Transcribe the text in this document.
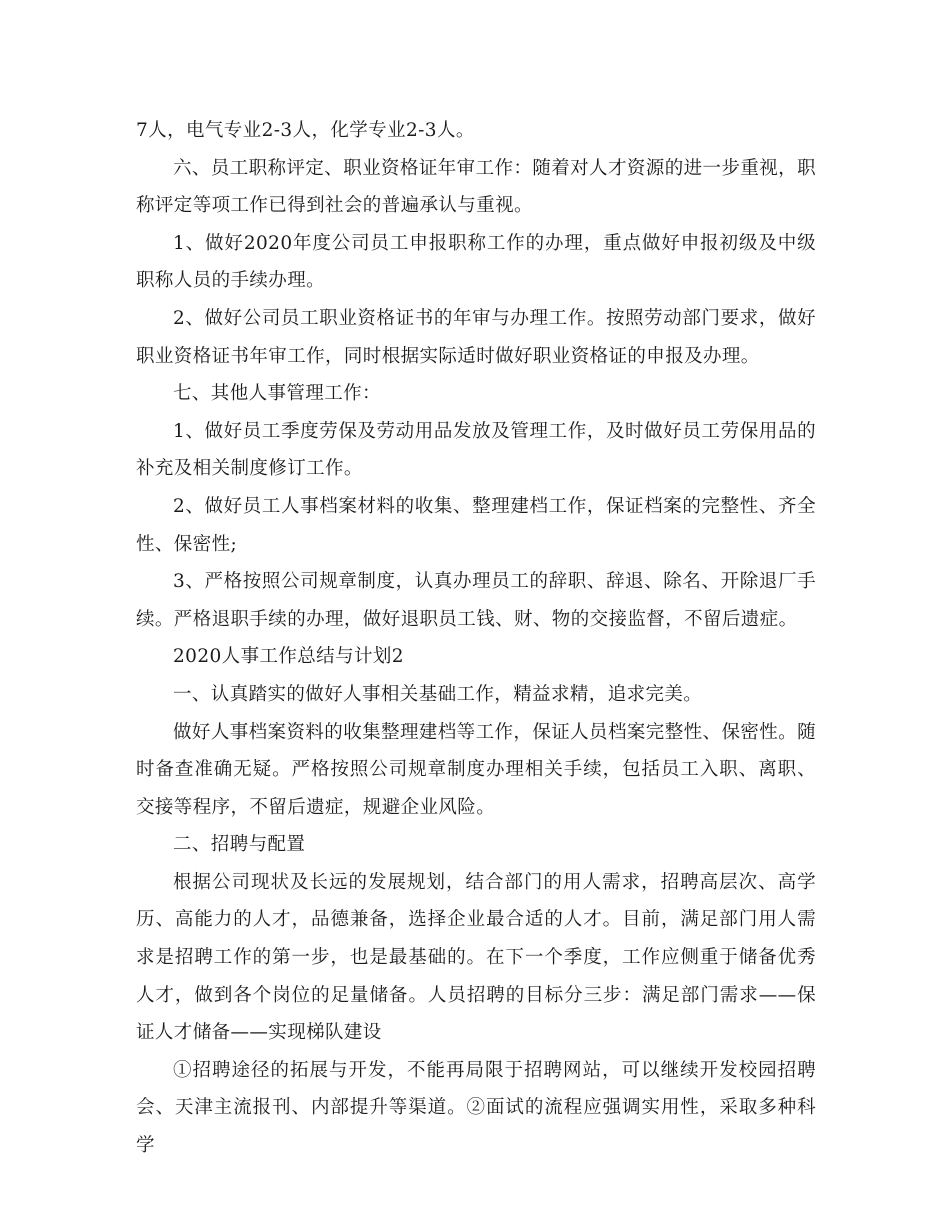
7人，电气专业2-3人，化学专业2-3人。

六、员工职称评定、职业资格证年审工作：随着对人才资源的进一步重视，职称评定等项工作已得到社会的普遍承认与重视。

1、做好2020年度公司员工申报职称工作的办理，重点做好申报初级及中级职称人员的手续办理。

2、做好公司员工职业资格证书的年审与办理工作。按照劳动部门要求，做好职业资格证书年审工作，同时根据实际适时做好职业资格证的申报及办理。

七、其他人事管理工作：

1、做好员工季度劳保及劳动用品发放及管理工作，及时做好员工劳保用品的补充及相关制度修订工作。

2、做好员工人事档案材料的收集、整理建档工作，保证档案的完整性、齐全性、保密性;

3、严格按照公司规章制度，认真办理员工的辞职、辞退、除名、开除退厂手续。严格退职手续的办理，做好退职员工钱、财、物的交接监督，不留后遗症。

2020人事工作总结与计划2

一、认真踏实的做好人事相关基础工作，精益求精，追求完美。

做好人事档案资料的收集整理建档等工作，保证人员档案完整性、保密性。随时备查准确无疑。严格按照公司规章制度办理相关手续，包括员工入职、离职、交接等程序，不留后遗症，规避企业风险。

二、招聘与配置

根据公司现状及长远的发展规划，结合部门的用人需求，招聘高层次、高学历、高能力的人才，品德兼备，选择企业最合适的人才。目前，满足部门用人需求是招聘工作的第一步，也是最基础的。在下一个季度，工作应侧重于储备优秀人才，做到各个岗位的足量储备。人员招聘的目标分三步：满足部门需求——保证人才储备——实现梯队建设

①招聘途径的拓展与开发，不能再局限于招聘网站，可以继续开发校园招聘会、天津主流报刊、内部提升等渠道。②面试的流程应强调实用性，采取多种科学
